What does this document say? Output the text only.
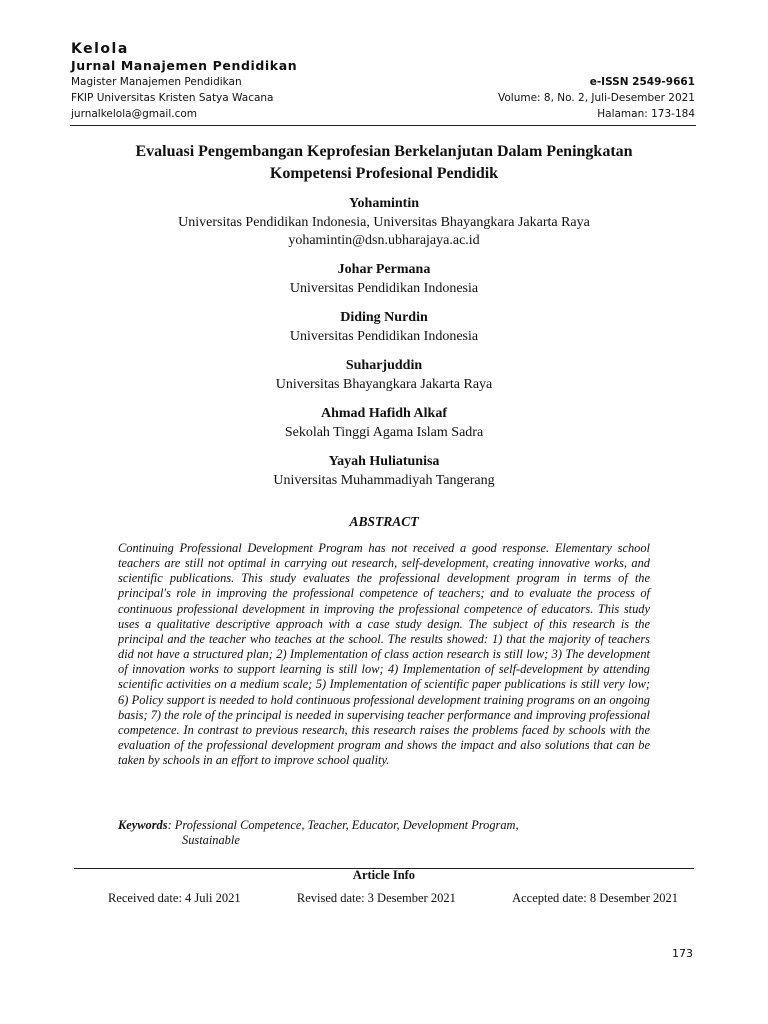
Kelola
Jurnal Manajemen Pendidikan
Magister Manajemen Pendidikan
FKIP Universitas Kristen Satya Wacana
jurnalkelola@gmail.com
e-ISSN 2549-9661
Volume: 8, No. 2, Juli-Desember 2021
Halaman: 173-184
Evaluasi Pengembangan Keprofesian Berkelanjutan Dalam Peningkatan
Kompetensi Profesional Pendidik
Yohamintin
Universitas Pendidikan Indonesia, Universitas Bhayangkara Jakarta Raya
yohamintin@dsn.ubharajaya.ac.id
Johar Permana
Universitas Pendidikan Indonesia
Diding Nurdin
Universitas Pendidikan Indonesia
Suharjuddin
Universitas Bhayangkara Jakarta Raya
Ahmad Hafidh Alkaf
Sekolah Tinggi Agama Islam Sadra
Yayah Huliatunisa
Universitas Muhammadiyah Tangerang
ABSTRACT
Continuing Professional Development Program has not received a good response. Elementary school teachers are still not optimal in carrying out research, self-development, creating innovative works, and scientific publications. This study evaluates the professional development program in terms of the principal's role in improving the professional competence of teachers; and to evaluate the process of continuous professional development in improving the professional competence of educators. This study uses a qualitative descriptive approach with a case study design. The subject of this research is the principal and the teacher who teaches at the school. The results showed: 1) that the majority of teachers did not have a structured plan; 2) Implementation of class action research is still low; 3) The development of innovation works to support learning is still low; 4) Implementation of self-development by attending scientific activities on a medium scale; 5) Implementation of scientific paper publications is still very low; 6) Policy support is needed to hold continuous professional development training programs on an ongoing basis; 7) the role of the principal is needed in supervising teacher performance and improving professional competence. In contrast to previous research, this research raises the problems faced by schools with the evaluation of the professional development program and shows the impact and also solutions that can be taken by schools in an effort to improve school quality.
Keywords: Professional Competence, Teacher, Educator, Development Program,
Sustainable
Article Info
Received date: 4 Juli 2021	Revised date: 3 Desember 2021	Accepted date: 8 Desember 2021
173
